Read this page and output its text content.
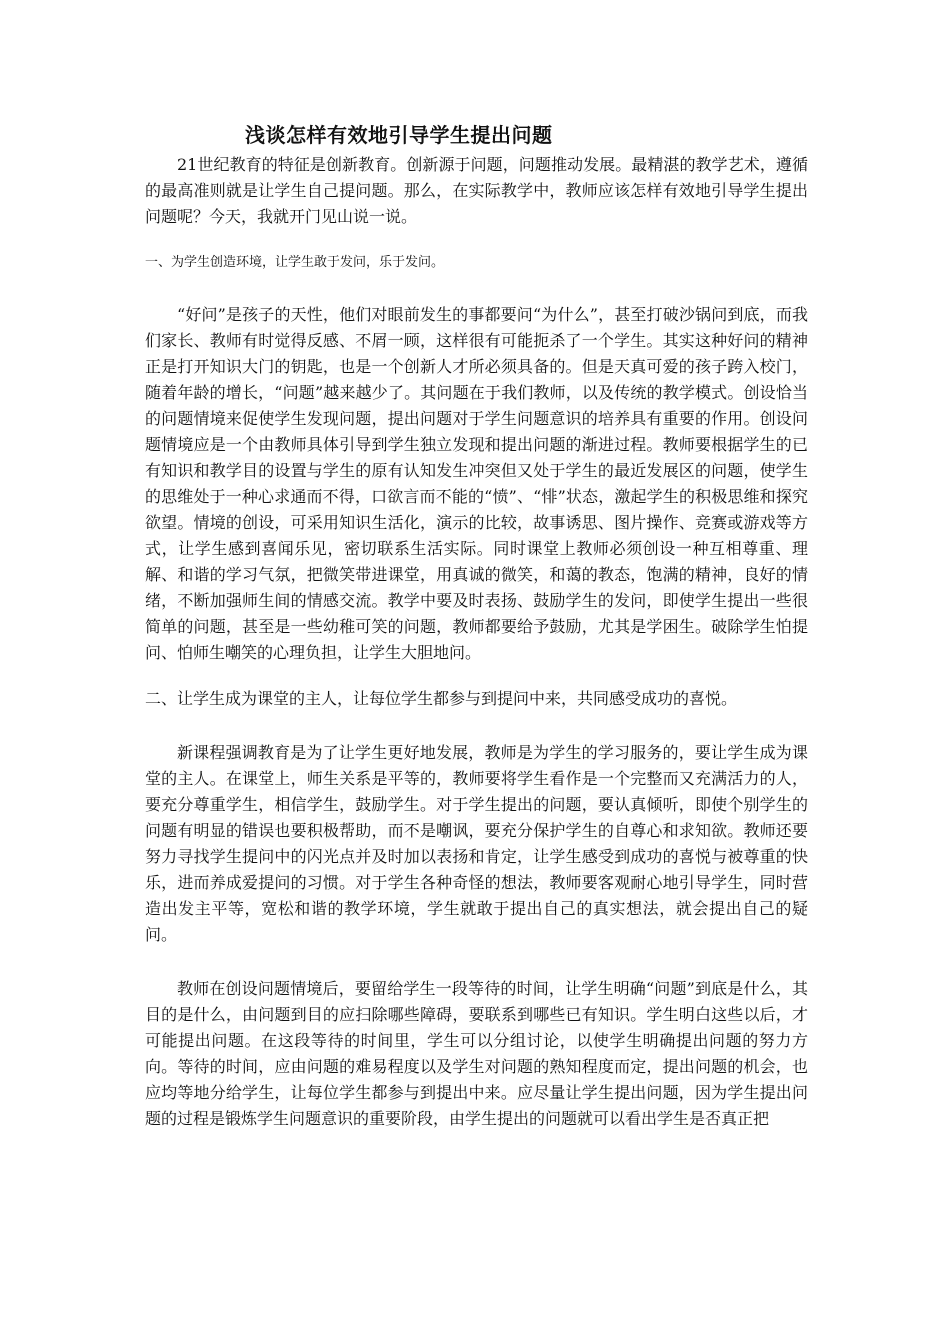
浅谈怎样有效地引导学生提出问题

21世纪教育的特征是创新教育。创新源于问题，问题推动发展。最精湛的教学艺术，遵循的最高准则就是让学生自己提问题。那么，在实际教学中，教师应该怎样有效地引导学生提出问题呢？今天，我就开门见山说一说。

一、为学生创造环境，让学生敢于发问，乐于发问。

“好问”是孩子的天性，他们对眼前发生的事都要问“为什么”，甚至打破沙锅问到底，而我们家长、教师有时觉得反感、不屑一顾，这样很有可能扼杀了一个学生。其实这种好问的精神正是打开知识大门的钥匙，也是一个创新人才所必须具备的。但是天真可爱的孩子跨入校门，随着年龄的增长，“问题”越来越少了。其问题在于我们教师，以及传统的教学模式。创设恰当的问题情境来促使学生发现问题，提出问题对于学生问题意识的培养具有重要的作用。创设问题情境应是一个由教师具体引导到学生独立发现和提出问题的渐进过程。教师要根据学生的已有知识和教学目的设置与学生的原有认知发生冲突但又处于学生的最近发展区的问题，使学生的思维处于一种心求通而不得，口欲言而不能的“愤”、“悱”状态，激起学生的积极思维和探究欲望。情境的创设，可采用知识生活化，演示的比较，故事诱思、图片操作、竞赛或游戏等方式，让学生感到喜闻乐见，密切联系生活实际。同时课堂上教师必须创设一种互相尊重、理解、和谐的学习气氛，把微笑带进课堂，用真诚的微笑，和蔼的教态，饱满的精神，良好的情绪，不断加强师生间的情感交流。教学中要及时表扬、鼓励学生的发问，即使学生提出一些很简单的问题，甚至是一些幼稚可笑的问题，教师都要给予鼓励，尤其是学困生。破除学生怕提问、怕师生嘲笑的心理负担，让学生大胆地问。

二、让学生成为课堂的主人，让每位学生都参与到提问中来，共同感受成功的喜悦。

新课程强调教育是为了让学生更好地发展，教师是为学生的学习服务的，要让学生成为课堂的主人。在课堂上，师生关系是平等的，教师要将学生看作是一个完整而又充满活力的人，要充分尊重学生，相信学生，鼓励学生。对于学生提出的问题，要认真倾听，即使个别学生的问题有明显的错误也要积极帮助，而不是嘲讽，要充分保护学生的自尊心和求知欲。教师还要努力寻找学生提问中的闪光点并及时加以表扬和肯定，让学生感受到成功的喜悦与被尊重的快乐，进而养成爱提问的习惯。对于学生各种奇怪的想法，教师要客观耐心地引导学生，同时营造出发主平等，宽松和谐的教学环境，学生就敢于提出自己的真实想法，就会提出自己的疑问。

教师在创设问题情境后，要留给学生一段等待的时间，让学生明确“问题”到底是什么，其目的是什么，由问题到目的应扫除哪些障碍，要联系到哪些已有知识。学生明白这些以后，才可能提出问题。在这段等待的时间里，学生可以分组讨论，以使学生明确提出问题的努力方向。等待的时间，应由问题的难易程度以及学生对问题的熟知程度而定，提出问题的机会，也应均等地分给学生，让每位学生都参与到提出中来。应尽量让学生提出问题，因为学生提出问题的过程是锻炼学生问题意识的重要阶段，由学生提出的问题就可以看出学生是否真正把
